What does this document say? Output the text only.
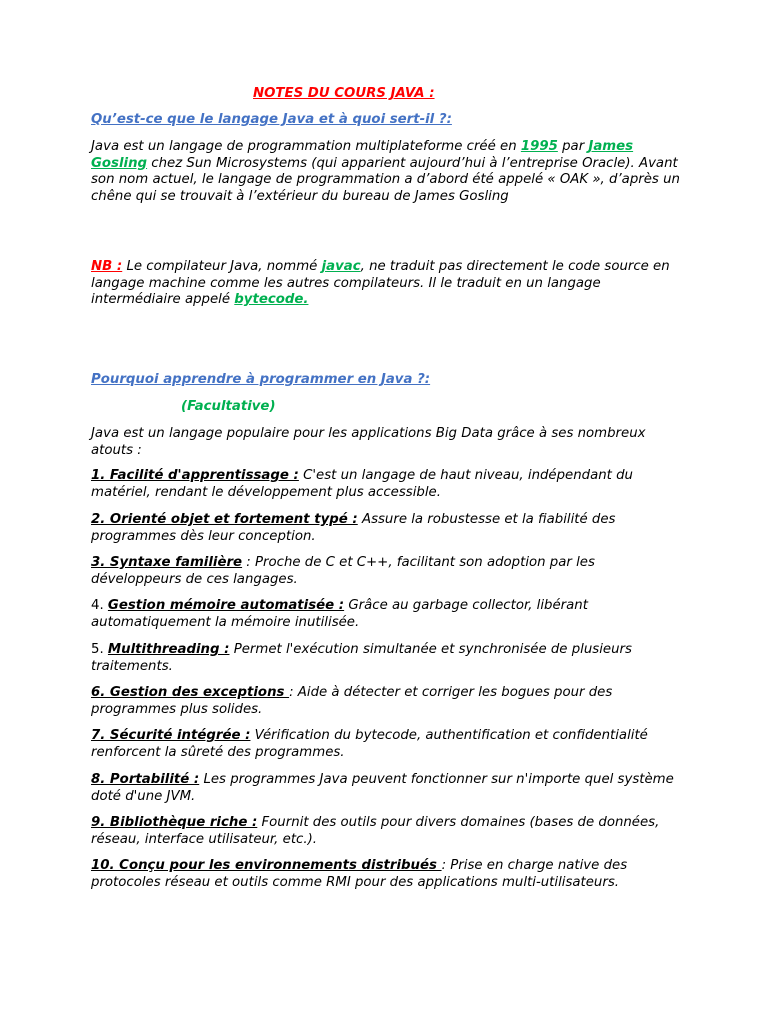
NOTES DU COURS JAVA :

Qu’est-ce que le langage Java et à quoi sert-il ?:

Java est un langage de programmation multiplateforme créé en 1995 par James Gosling chez Sun Microsystems (qui apparient aujourd’hui à l’entreprise Oracle). Avant son nom actuel, le langage de programmation a d’abord été appelé « OAK », d’après un chêne qui se trouvait à l’extérieur du bureau de James Gosling

NB : Le compilateur Java, nommé javac, ne traduit pas directement le code source en langage machine comme les autres compilateurs. Il le traduit en un langage intermédiaire appelé bytecode.

Pourquoi apprendre à programmer en Java ?:

(Facultative)

Java est un langage populaire pour les applications Big Data grâce à ses nombreux atouts :

1. Facilité d'apprentissage : C'est un langage de haut niveau, indépendant du matériel, rendant le développement plus accessible.

2. Orienté objet et fortement typé : Assure la robustesse et la fiabilité des programmes dès leur conception.

3. Syntaxe familière : Proche de C et C++, facilitant son adoption par les développeurs de ces langages.

4. Gestion mémoire automatisée : Grâce au garbage collector, libérant automatiquement la mémoire inutilisée.

5. Multithreading : Permet l'exécution simultanée et synchronisée de plusieurs traitements.

6. Gestion des exceptions : Aide à détecter et corriger les bogues pour des programmes plus solides.

7. Sécurité intégrée : Vérification du bytecode, authentification et confidentialité renforcent la sûreté des programmes.

8. Portabilité : Les programmes Java peuvent fonctionner sur n'importe quel système doté d'une JVM.

9. Bibliothèque riche : Fournit des outils pour divers domaines (bases de données, réseau, interface utilisateur, etc.).

10. Conçu pour les environnements distribués : Prise en charge native des protocoles réseau et outils comme RMI pour des applications multi-utilisateurs.
